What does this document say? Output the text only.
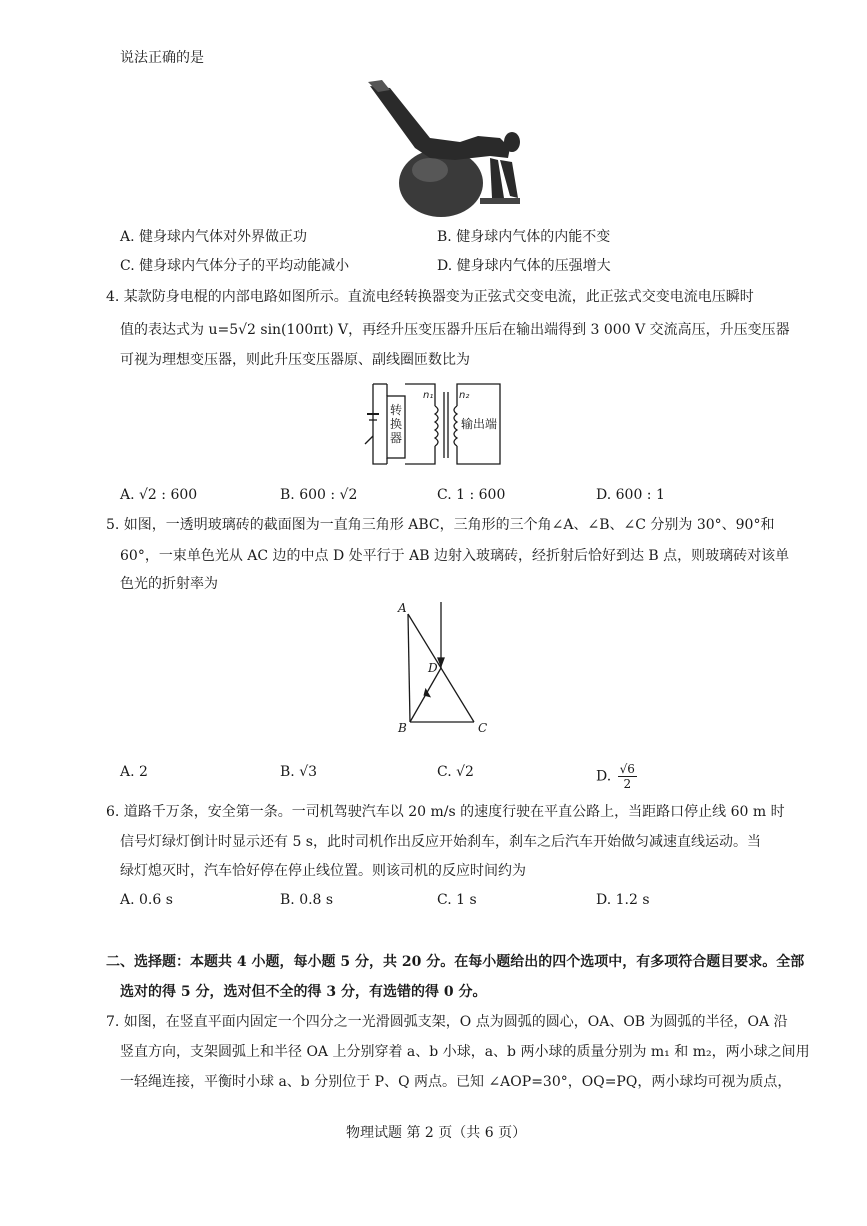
说法正确的是
A. 健身球内气体对外界做正功	B. 健身球内气体的内能不变
C. 健身球内气体分子的平均动能减小	D. 健身球内气体的压强增大
4. 某款防身电棍的内部电路如图所示。直流电经转换器变为正弦式交变电流，此正弦式交变电流电压瞬时
值的表达式为 u=5√2 sin(100πt) V，再经升压变压器升压后在输出端得到 3 000 V 交流高压，升压变压器
可视为理想变压器，则此升压变压器原、副线圈匝数比为
转换器
n₁	n₂
输出端
A. √2 : 600	B. 600 : √2	C. 1 : 600	D. 600 : 1
5. 如图，一透明玻璃砖的截面图为一直角三角形 ABC，三角形的三个角∠A、∠B、∠C 分别为 30°、90°和
60°，一束单色光从 AC 边的中点 D 处平行于 AB 边射入玻璃砖，经折射后恰好到达 B 点，则玻璃砖对该单
色光的折射率为
A
B	C
D
A. 2	B. √3	C. √2	D. $\frac{√6}{2}$
6. 道路千万条，安全第一条。一司机驾驶汽车以 20 m/s 的速度行驶在平直公路上，当距路口停止线 60 m 时
信号灯绿灯倒计时显示还有 5 s，此时司机作出反应开始刹车，刹车之后汽车开始做匀减速直线运动。当
绿灯熄灭时，汽车恰好停在停止线位置。则该司机的反应时间约为
A. 0.6 s	B. 0.8 s	C. 1 s	D. 1.2 s
二、选择题：本题共 4 小题，每小题 5 分，共 20 分。在每小题给出的四个选项中，有多项符合题目要求。全部
选对的得 5 分，选对但不全的得 3 分，有选错的得 0 分。
7. 如图，在竖直平面内固定一个四分之一光滑圆弧支架，O 点为圆弧的圆心，OA、OB 为圆弧的半径，OA 沿
竖直方向，支架圆弧上和半径 OA 上分别穿着 a、b 小球，a、b 两小球的质量分别为 m₁ 和 m₂，两小球之间用
一轻绳连接，平衡时小球 a、b 分别位于 P、Q 两点。已知 ∠AOP=30°，OQ=PQ，两小球均可视为质点，
物理试题 第 2 页（共 6 页）
